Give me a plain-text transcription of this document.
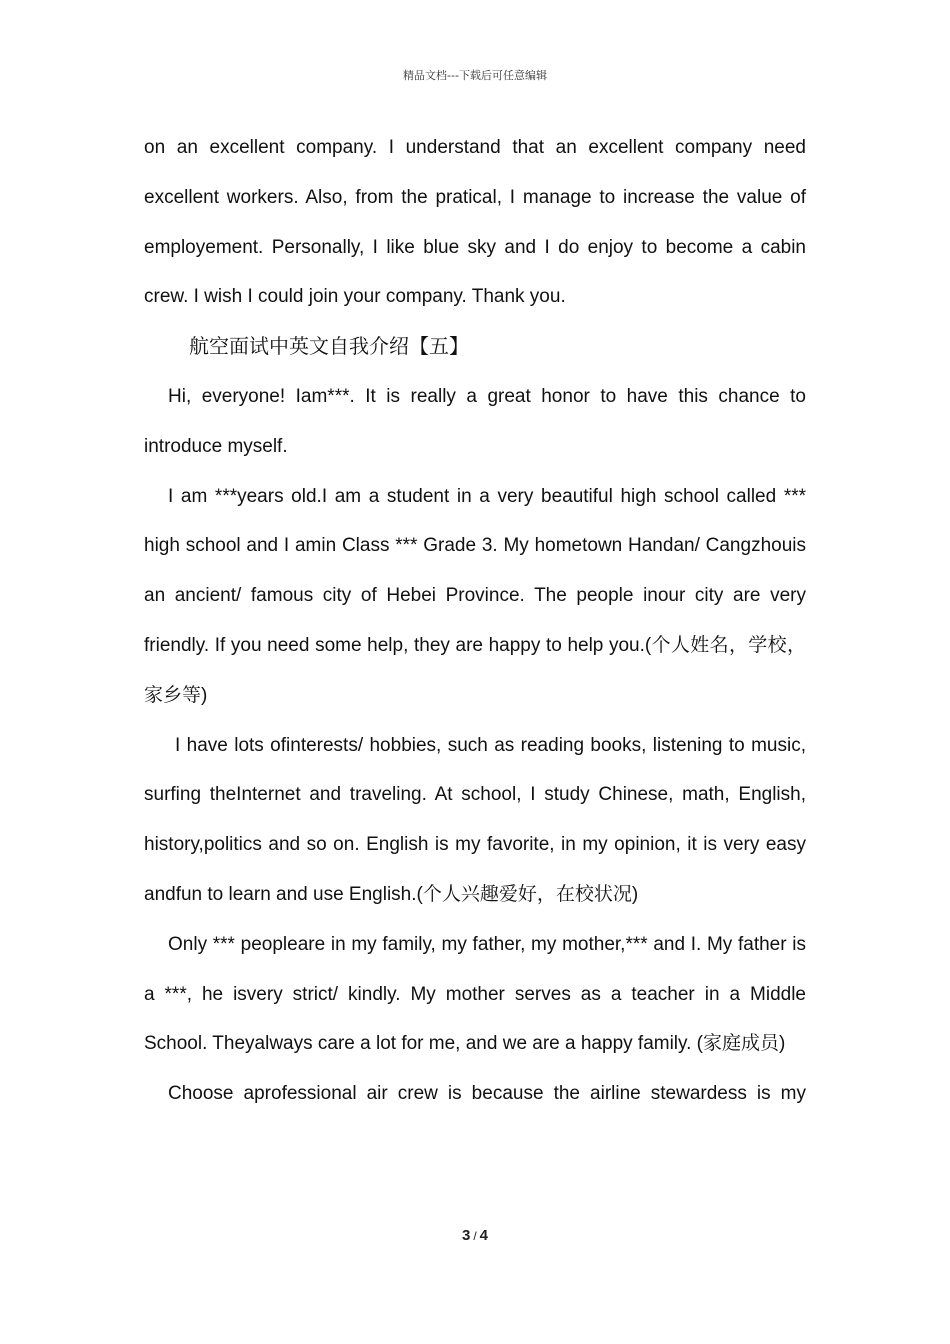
精品文档---下载后可任意编辑

on an excellent company. I understand that an excellent company need excellent workers. Also, from the pratical, I manage to increase the value of employement. Personally, I like blue sky and I do enjoy to become a cabin crew. I wish I could join your company. Thank you.

航空面试中英文自我介绍【五】

Hi, everyone! Iam***. It is really a great honor to have this chance to introduce myself.

I am ***years old.I am a student in a very beautiful high school called *** high school and I amin Class *** Grade 3. My hometown Handan/ Cangzhouis an ancient/ famous city of Hebei Province. The people inour city are very friendly. If you need some help, they are happy to help you.(个人姓名，学校，家乡等)

I have lots ofinterests/ hobbies, such as reading books, listening to music, surfing theInternet and traveling. At school, I study Chinese, math, English, history,politics and so on. English is my favorite, in my opinion, it is very easy andfun to learn and use English.(个人兴趣爱好，在校状况)

Only *** peopleare in my family, my father, my mother,*** and I. My father is a ***, he isvery strict/ kindly. My mother serves as a teacher in a Middle School. Theyalways care a lot for me, and we are a happy family. (家庭成员)

Choose aprofessional air crew is because the airline stewardess is my

3 / 4
